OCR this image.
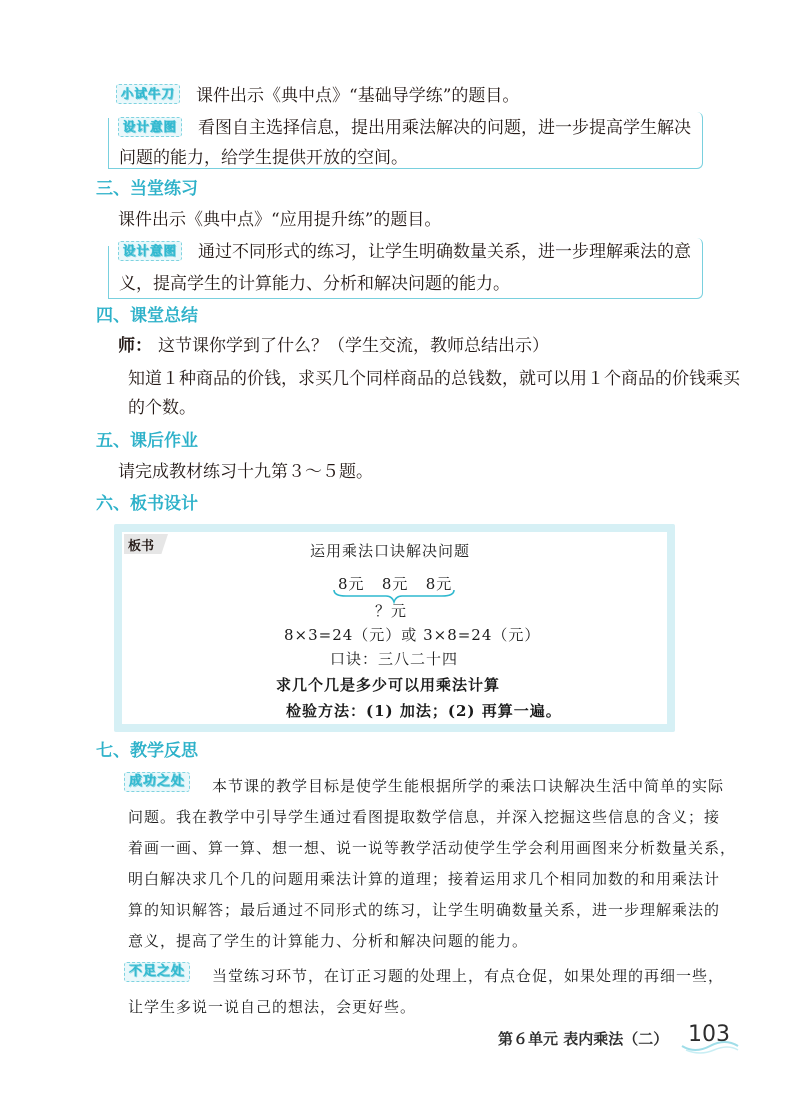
小试牛刀 课件出示《典中点》“基础导学练”的题目。
设计意图 看图自主选择信息，提出用乘法解决的问题，进一步提高学生解决
问题的能力，给学生提供开放的空间。
三、当堂练习
课件出示《典中点》“应用提升练”的题目。
设计意图 通过不同形式的练习，让学生明确数量关系，进一步理解乘法的意
义，提高学生的计算能力、分析和解决问题的能力。
四、课堂总结
师： 这节课你学到了什么？（学生交流，教师总结出示）
知道１种商品的价钱，求买几个同样商品的总钱数，就可以用１个商品的价钱乘买
的个数。
五、课后作业
请完成教材练习十九第３～５题。
六、板书设计
板书	运用乘法口诀解决问题
8元   8元   8元
？元
8×3=24（元）或 3×8=24（元）
口诀：三八二十四
求几个几是多少可以用乘法计算
检验方法：(1) 加法；(2) 再算一遍。
七、教学反思
成功之处	本节课的教学目标是使学生能根据所学的乘法口诀解决生活中简单的实际
问题。我在教学中引导学生通过看图提取数学信息，并深入挖掘这些信息的含义；接
着画一画、算一算、想一想、说一说等教学活动使学生学会利用画图来分析数量关系，
明白解决求几个几的问题用乘法计算的道理；接着运用求几个相同加数的和用乘法计
算的知识解答；最后通过不同形式的练习，让学生明确数量关系，进一步理解乘法的
意义，提高了学生的计算能力、分析和解决问题的能力。
不足之处	当堂练习环节，在订正习题的处理上，有点仓促，如果处理的再细一些，
让学生多说一说自己的想法，会更好些。
第６单元 表内乘法（二） 103
